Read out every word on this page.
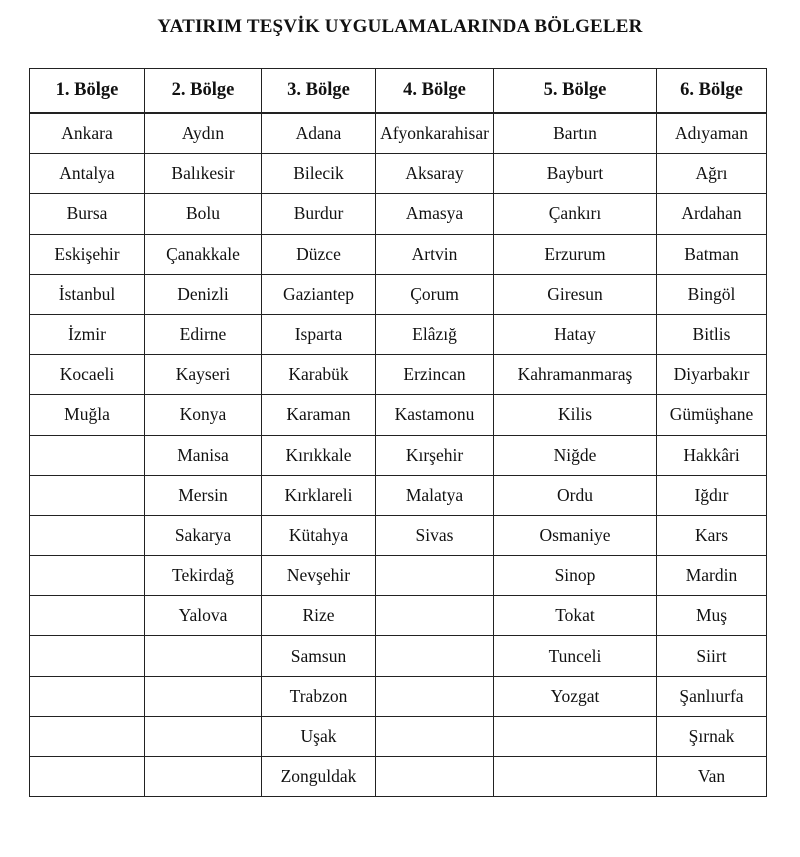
YATIRIM TEŞVİK UYGULAMALARINDA BÖLGELER
1. Bölge	2. Bölge	3. Bölge	4. Bölge	5. Bölge	6. Bölge
Ankara	Aydın	Adana	Afyonkarahisar	Bartın	Adıyaman
Antalya	Balıkesir	Bilecik	Aksaray	Bayburt	Ağrı
Bursa	Bolu	Burdur	Amasya	Çankırı	Ardahan
Eskişehir	Çanakkale	Düzce	Artvin	Erzurum	Batman
İstanbul	Denizli	Gaziantep	Çorum	Giresun	Bingöl
İzmir	Edirne	Isparta	Elâzığ	Hatay	Bitlis
Kocaeli	Kayseri	Karabük	Erzincan	Kahramanmaraş	Diyarbakır
Muğla	Konya	Karaman	Kastamonu	Kilis	Gümüşhane
	Manisa	Kırıkkale	Kırşehir	Niğde	Hakkâri
	Mersin	Kırklareli	Malatya	Ordu	Iğdır
	Sakarya	Kütahya	Sivas	Osmaniye	Kars
	Tekirdağ	Nevşehir		Sinop	Mardin
	Yalova	Rize		Tokat	Muş
		Samsun		Tunceli	Siirt
		Trabzon		Yozgat	Şanlıurfa
		Uşak			Şırnak
		Zonguldak			Van
